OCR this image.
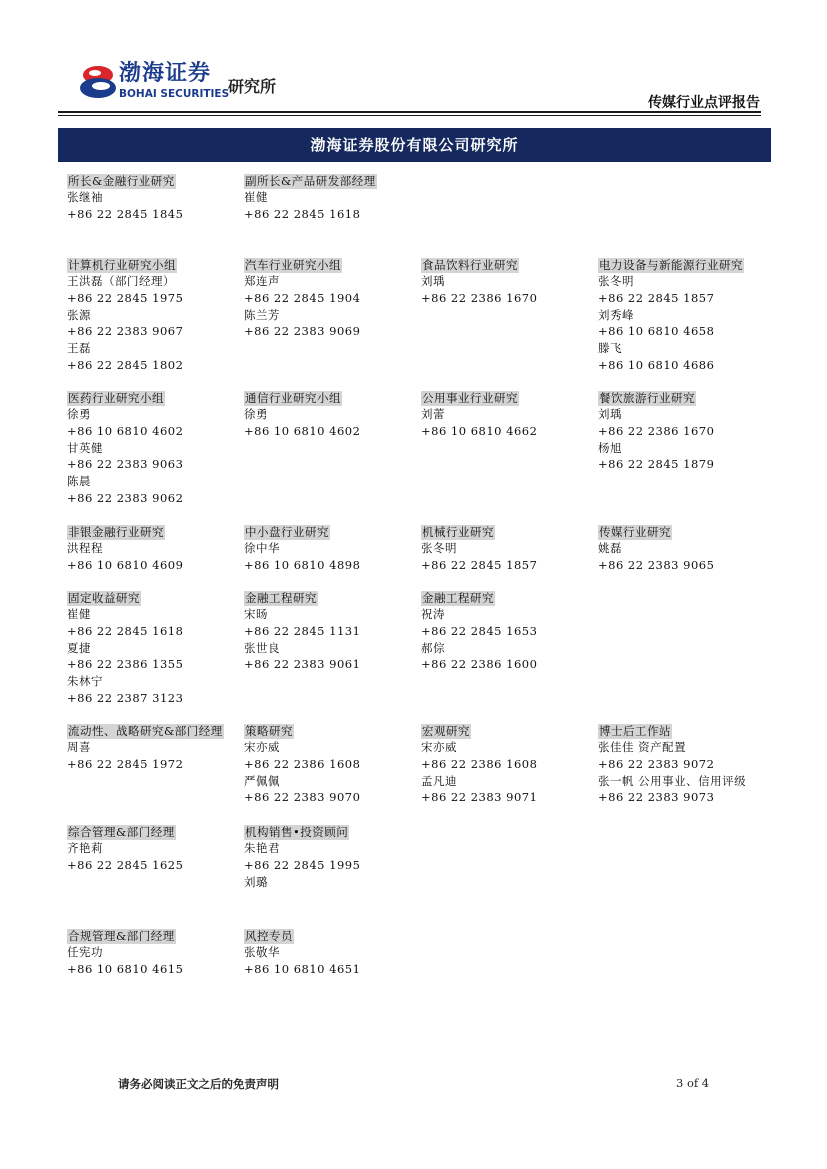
渤海证券
BOHAI SECURITIES
研究所
传媒行业点评报告
渤海证券股份有限公司研究所
所长&金融行业研究
张继袖
+86 22 2845 1845
副所长&产品研发部经理
崔健
+86 22 2845 1618
计算机行业研究小组
王洪磊（部门经理）
+86 22 2845 1975
张源
+86 22 2383 9067
王磊
+86 22 2845 1802
汽车行业研究小组
郑连声
+86 22 2845 1904
陈兰芳
+86 22 2383 9069
食品饮料行业研究
刘瑀
+86 22 2386 1670
电力设备与新能源行业研究
张冬明
+86 22 2845 1857
刘秀峰
+86 10 6810 4658
滕飞
+86 10 6810 4686
医药行业研究小组
徐勇
+86 10 6810 4602
甘英健
+86 22 2383 9063
陈晨
+86 22 2383 9062
通信行业研究小组
徐勇
+86 10 6810 4602
公用事业行业研究
刘蕾
+86 10 6810 4662
餐饮旅游行业研究
刘瑀
+86 22 2386 1670
杨旭
+86 22 2845 1879
非银金融行业研究
洪程程
+86 10 6810 4609
中小盘行业研究
徐中华
+86 10 6810 4898
机械行业研究
张冬明
+86 22 2845 1857
传媒行业研究
姚磊
+86 22 2383 9065
固定收益研究
崔健
+86 22 2845 1618
夏捷
+86 22 2386 1355
朱林宁
+86 22 2387 3123
金融工程研究
宋旸
+86 22 2845 1131
张世良
+86 22 2383 9061
金融工程研究
祝涛
+86 22 2845 1653
郝倧
+86 22 2386 1600
流动性、战略研究&部门经理
周喜
+86 22 2845 1972
策略研究
宋亦威
+86 22 2386 1608
严佩佩
+86 22 2383 9070
宏观研究
宋亦威
+86 22 2386 1608
孟凡迪
+86 22 2383 9071
博士后工作站
张佳佳 资产配置
+86 22 2383 9072
张一帆 公用事业、信用评级
+86 22 2383 9073
综合管理&部门经理
齐艳莉
+86 22 2845 1625
机构销售•投资顾问
朱艳君
+86 22 2845 1995
刘璐
合规管理&部门经理
任宪功
+86 10 6810 4615
风控专员
张敬华
+86 10 6810 4651
请务必阅读正文之后的免责声明	3 of 4
